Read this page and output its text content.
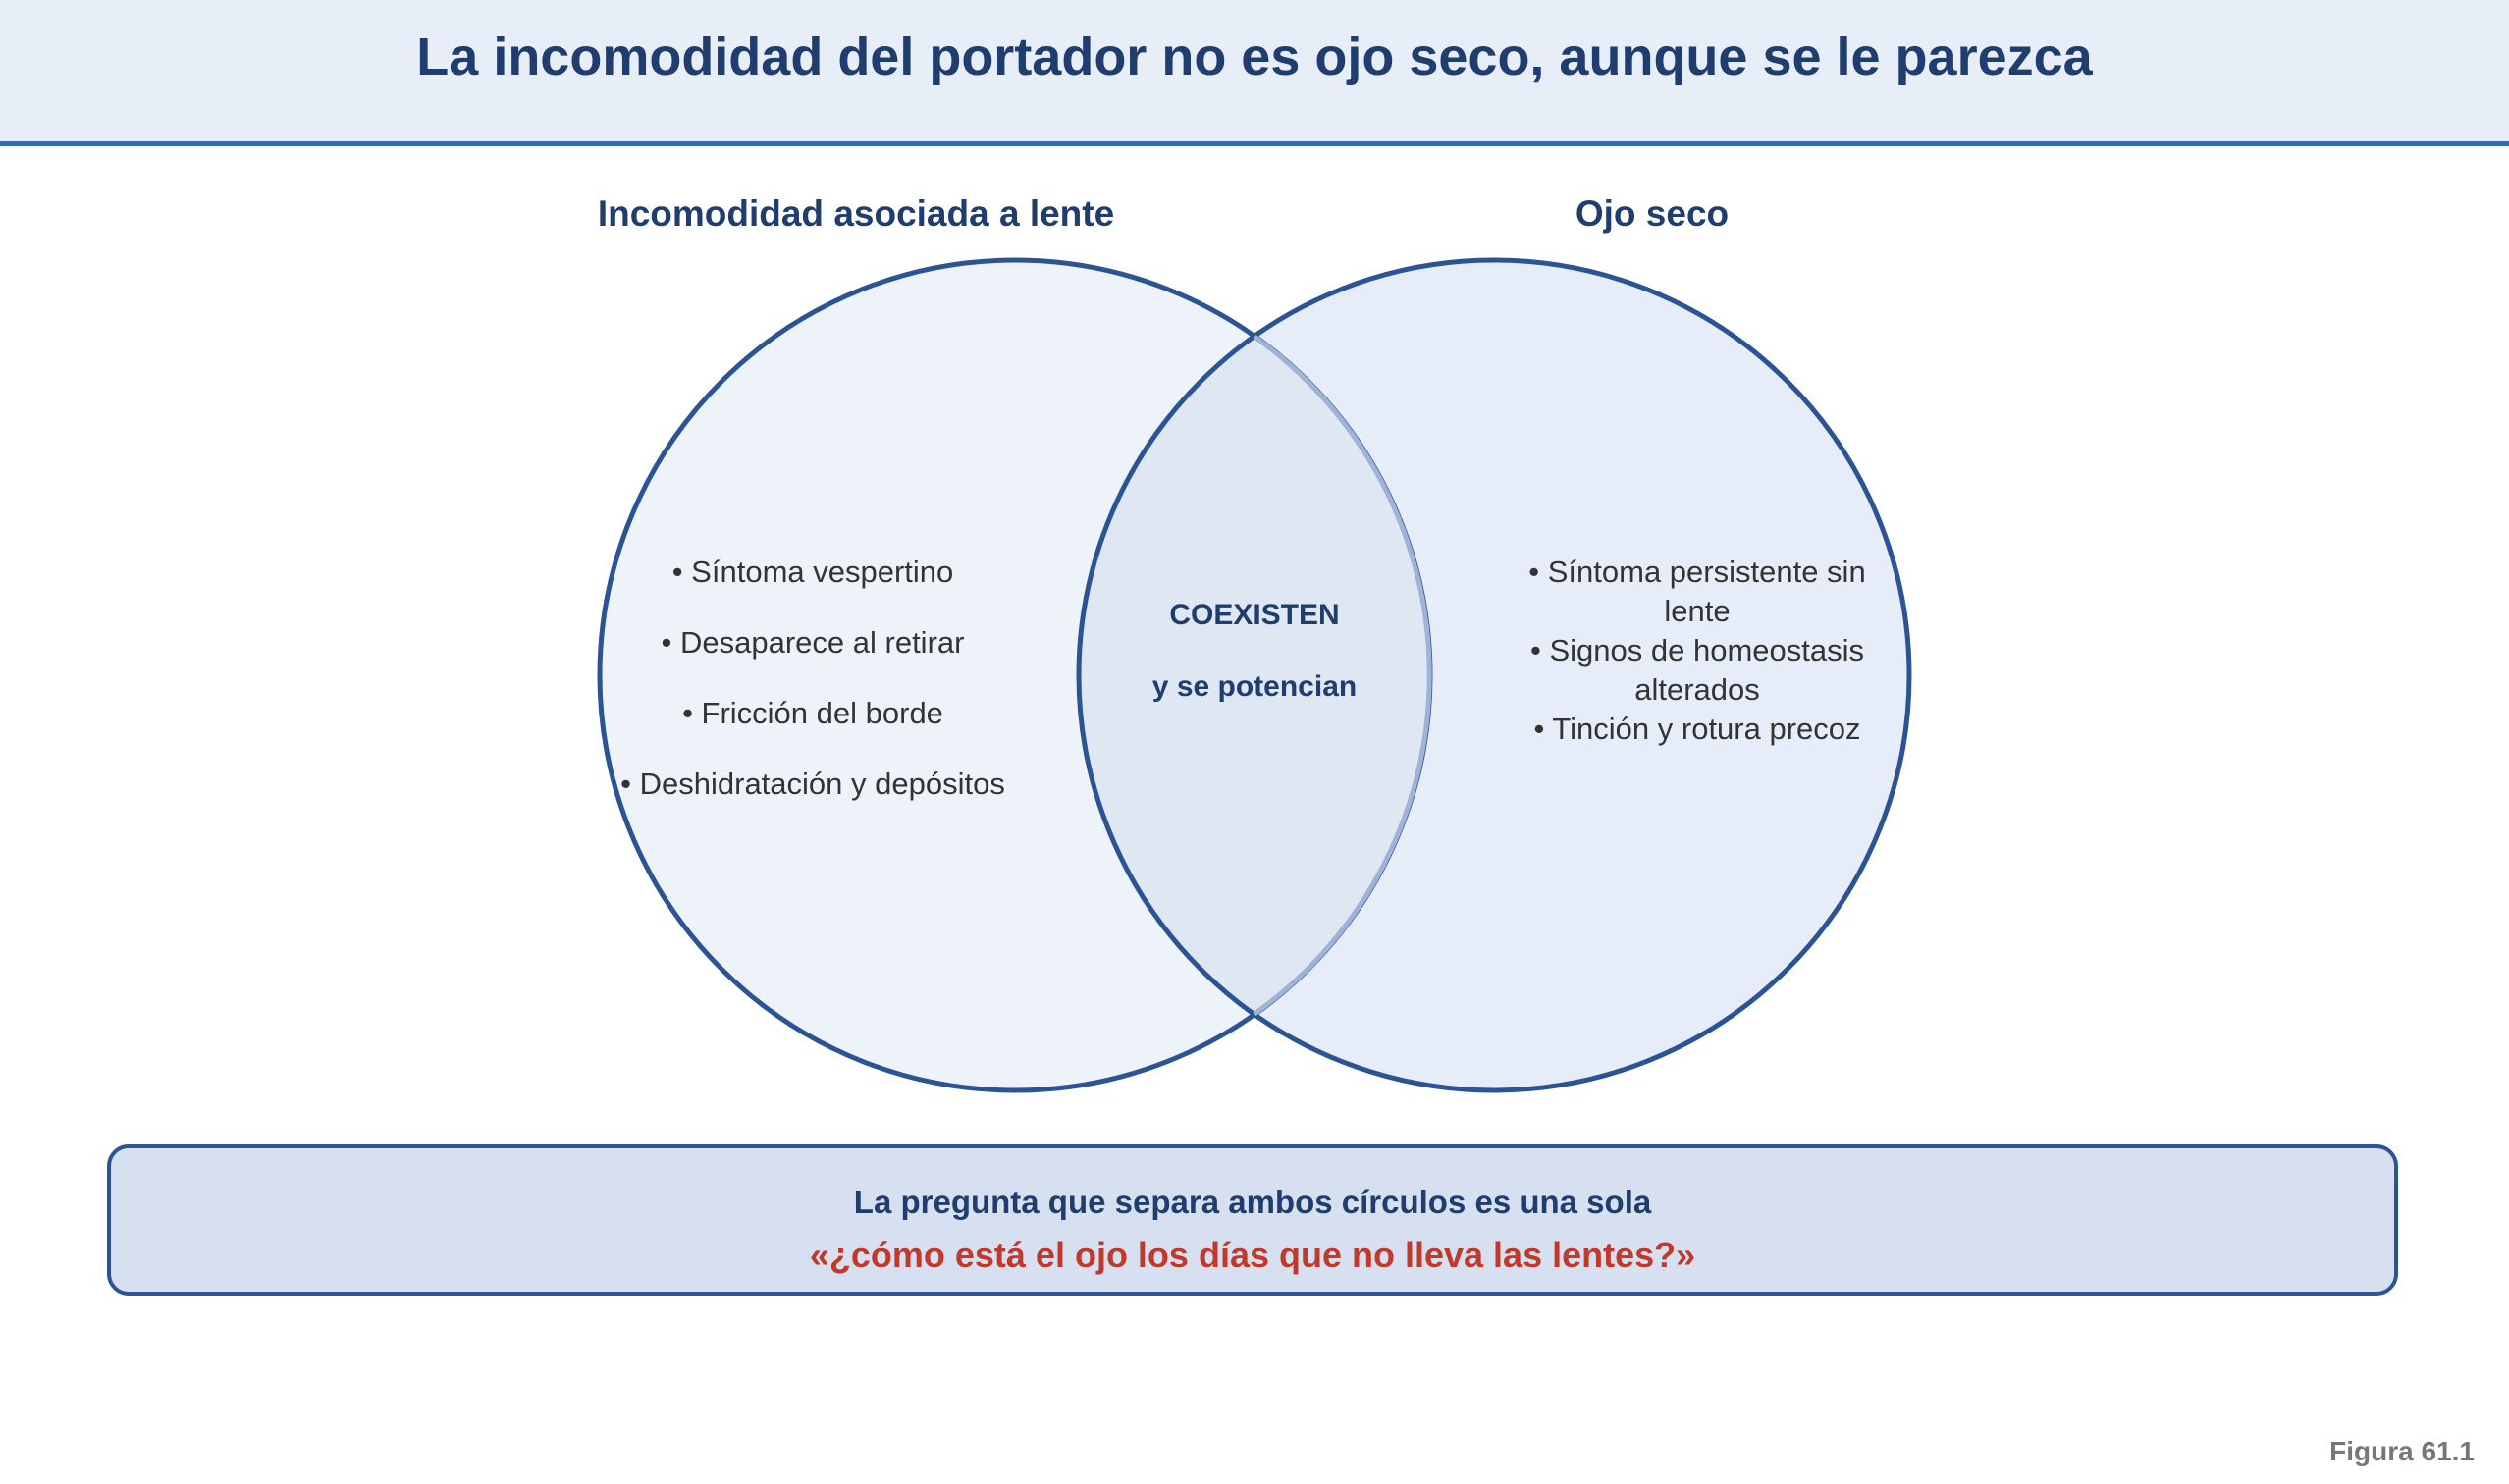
La incomodidad del portador no es ojo seco, aunque se le parezca
Incomodidad asociada a lente	Ojo seco
• Síntoma vespertino
• Desaparece al retirar
• Fricción del borde
• Deshidratación y depósitos
• Síntoma persistente sin lente
• Signos de homeostasis alterados
• Tinción y rotura precoz
COEXISTEN
y se potencian
La pregunta que separa ambos círculos es una sola
«¿cómo está el ojo los días que no lleva las lentes?»
Figura 61.1
